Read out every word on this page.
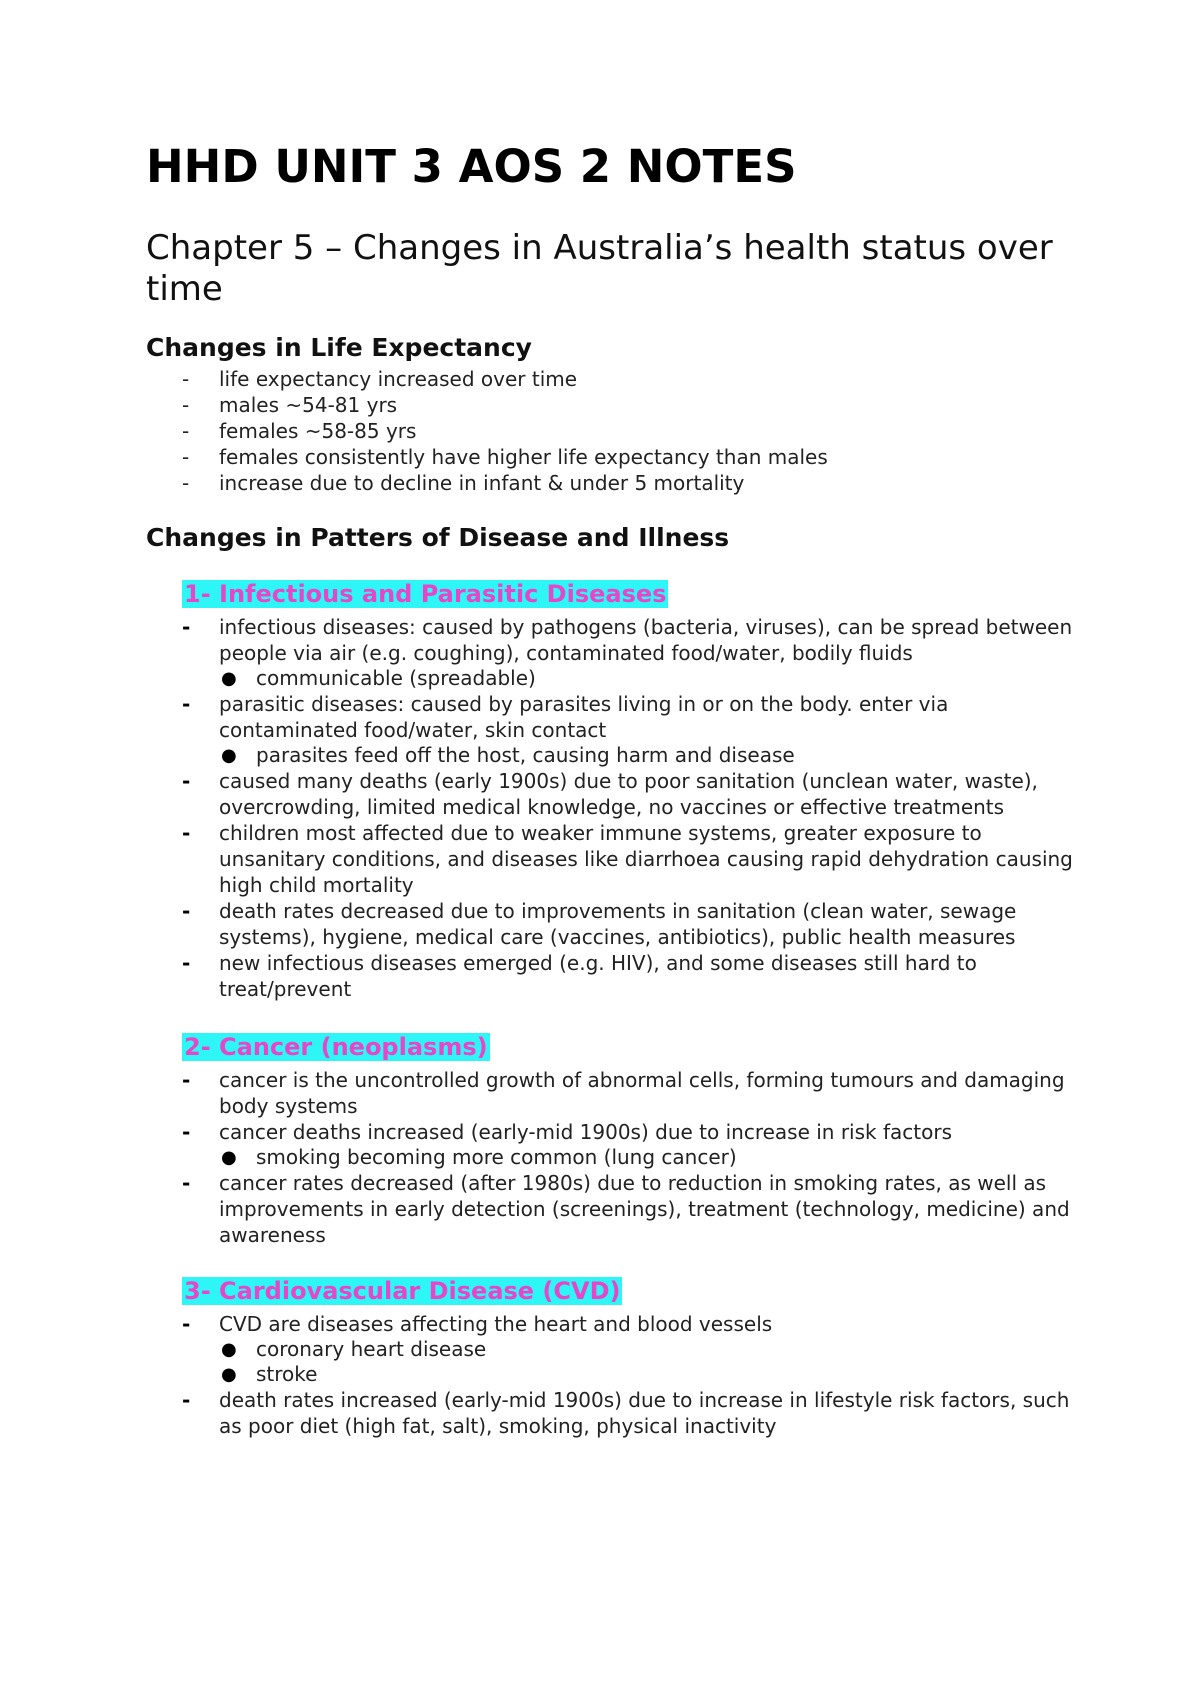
HHD UNIT 3 AOS 2 NOTES
Chapter 5 – Changes in Australia’s health status over time
Changes in Life Expectancy
-	life expectancy increased over time
-	males ~54-81 yrs
-	females ~58-85 yrs
-	females consistently have higher life expectancy than males
-	increase due to decline in infant & under 5 mortality
Changes in Patters of Disease and Illness
1- Infectious and Parasitic Diseases
-	infectious diseases: caused by pathogens (bacteria, viruses), can be spread between people via air (e.g. coughing), contaminated food/water, bodily fluids
● communicable (spreadable)
-	parasitic diseases: caused by parasites living in or on the body. enter via contaminated food/water, skin contact
● parasites feed off the host, causing harm and disease
-	caused many deaths (early 1900s) due to poor sanitation (unclean water, waste), overcrowding, limited medical knowledge, no vaccines or effective treatments
-	children most affected due to weaker immune systems, greater exposure to unsanitary conditions, and diseases like diarrhoea causing rapid dehydration causing high child mortality
-	death rates decreased due to improvements in sanitation (clean water, sewage systems), hygiene, medical care (vaccines, antibiotics), public health measures
-	new infectious diseases emerged (e.g. HIV), and some diseases still hard to treat/prevent
2- Cancer (neoplasms)
-	cancer is the uncontrolled growth of abnormal cells, forming tumours and damaging body systems
-	cancer deaths increased (early-mid 1900s) due to increase in risk factors
● smoking becoming more common (lung cancer)
-	cancer rates decreased (after 1980s) due to reduction in smoking rates, as well as improvements in early detection (screenings), treatment (technology, medicine) and awareness
3- Cardiovascular Disease (CVD)
-	CVD are diseases affecting the heart and blood vessels
● coronary heart disease
● stroke
-	death rates increased (early-mid 1900s) due to increase in lifestyle risk factors, such as poor diet (high fat, salt), smoking, physical inactivity
